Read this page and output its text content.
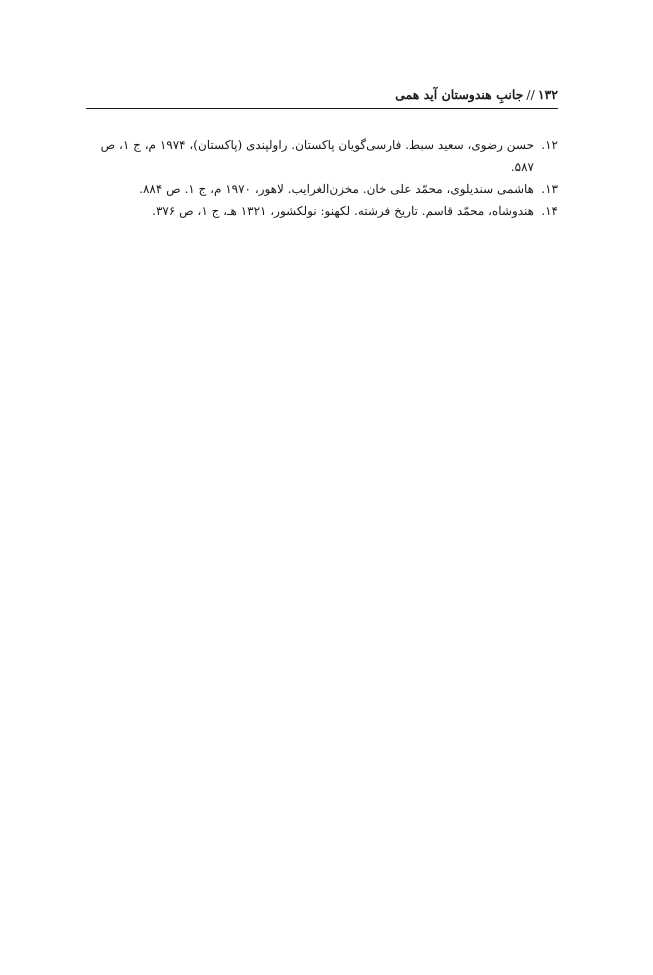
۱۳۲//جانبِ هندوستان آید همی
۱۲.
حسن رضوی، سعید سبط. فارسی‌گویان پاکستان. راولپندی (پاکستان)، ۱۹۷۴ م، ج ۱، ص ۵۸۷.
۱۳.
هاشمی سندیلوی، محمّد علی خان. مخزن‌الغرایب. لاهور، ۱۹۷۰ م، ج ۱. ص ۸۸۴.
۱۴.
هندوشاه، محمّد قاسم. تاریخ فرشته. لکهنو: نولکشور، ۱۳۲۱ هـ، ج ۱، ص ۳۷۶.
